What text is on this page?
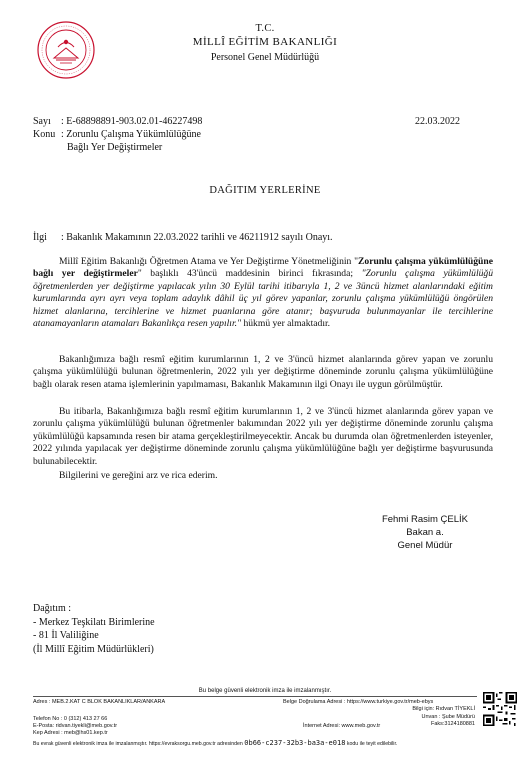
T.C.
MİLLÎ EĞİTİM BAKANLIĞI
Personel Genel Müdürlüğü
Sayı : E-68898891-903.02.01-46227498	22.03.2022
Konu : Zorunlu Çalışma Yükümlülüğüne
Bağlı Yer Değiştirmeler
DAĞITIM YERLERİNE
İlgi : Bakanlık Makamının 22.03.2022 tarihli ve 46211912 sayılı Onayı.
Millî Eğitim Bakanlığı Öğretmen Atama ve Yer Değiştirme Yönetmeliğinin "Zorunlu çalışma yükümlülüğüne bağlı yer değiştirmeler" başlıklı 43'üncü maddesinin birinci fıkrasında; "Zorunlu çalışma yükümlülüğü öğretmenlerden yer değiştirme yapılacak yılın 30 Eylül tarihi itibarıyla 1, 2 ve 3üncü hizmet alanlarındaki eğitim kurumlarında ayrı ayrı veya toplam adaylık dâhil üç yıl görev yapanlar, zorunlu çalışma yükümlülüğü öngörülen hizmet alanlarına, tercihlerine ve hizmet puanlarına göre atanır; başvuruda bulunmayanlar ile tercihlerine atanamayanların atamaları Bakanlıkça resen yapılır." hükmü yer almaktadır.
Bakanlığımıza bağlı resmî eğitim kurumlarının 1, 2 ve 3'üncü hizmet alanlarında görev yapan ve zorunlu çalışma yükümlülüğü bulunan öğretmenlerin, 2022 yılı yer değiştirme döneminde zorunlu çalışma yükümlülüğüne bağlı olarak resen atama işlemlerinin yapılmaması, Bakanlık Makamının ilgi Onayı ile uygun görülmüştür.
Bu itibarla, Bakanlığımıza bağlı resmî eğitim kurumlarının 1, 2 ve 3'üncü hizmet alanlarında görev yapan ve zorunlu çalışma yükümlülüğü bulunan öğretmenler bakımından 2022 yılı yer değiştirme döneminde zorunlu çalışma yükümlülüğü kapsamında resen bir atama gerçekleştirilmeyecektir. Ancak bu durumda olan öğretmenlerden isteyenler, 2022 yılında yapılacak yer değiştirme döneminde zorunlu çalışma yükümlülüğüne bağlı yer değiştirme başvurusunda bulunabilecektir.
Bilgilerini ve gereğini arz ve rica ederim.
Fehmi Rasim ÇELİK
Bakan a.
Genel Müdür
Dağıtım :
- Merkez Teşkilatı Birimlerine
- 81 İl Valiliğine
(İl Millî Eğitim Müdürlükleri)
Bu belge güvenli elektronik imza ile imzalanmıştır.
Adres : MEB.2.KAT C BLOK BAKANLIKLAR/ANKARA	Belge Doğrulama Adresi : https://www.turkiye.gov.tr/meb-ebys
Bilgi için: Rıdvan TİYEKLİ
Telefon No : 0 (312) 413 27 66	Unvan : Şube Müdürü
E-Posta: ridvan.tiyekli@meb.gov.tr	İnternet Adresi: www.meb.gov.tr	Faks:3124180881
Kep Adresi : meb@hs01.kep.tr
Bu evrak güvenli elektronik imza ile imzalanmıştır. https://evraksorgu.meb.gov.tr adresinden 0b66-c237-32b3-ba3a-e018 kodu ile teyit edilebilir.
